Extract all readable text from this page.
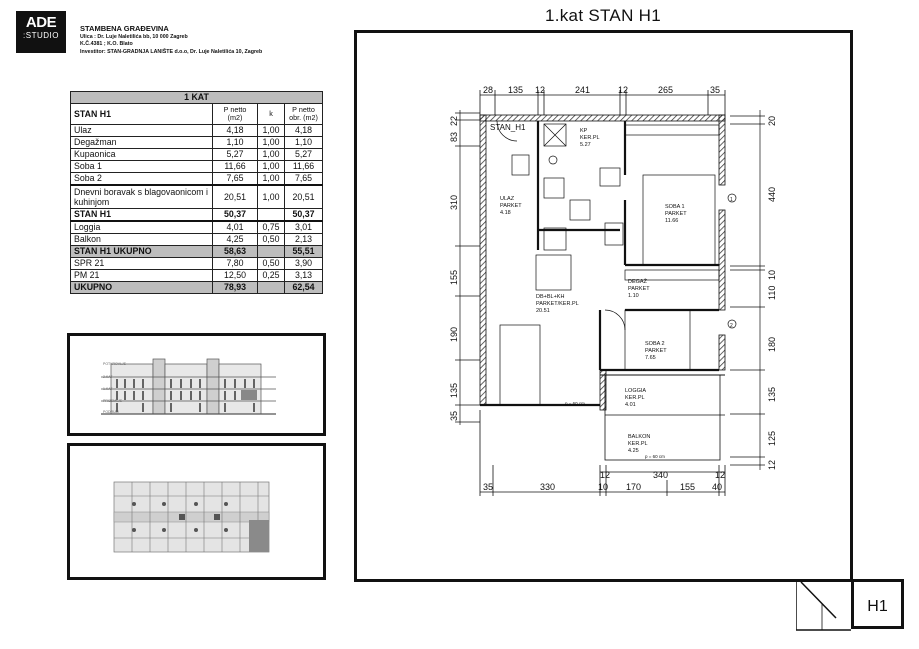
ADE
:STUDIO
STAMBENA GRAĐEVINA
Ulica : Dr. Luje Naletilića bb, 10 000 Zagreb
K.Č.4381 ; K.O. Blato
Investitor: STAN-GRADNJA LANIŠTE d.o.o, Dr. Luje Naletilića 10, Zagreb
1 KAT			
STAN H1	P netto (m2)	k	P netto obr. (m2)
Ulaz	4,18	1,00	4,18
Degažman	1,10	1,00	1,10
Kupaonica	5,27	1,00	5,27
Soba 1	11,66	1,00	11,66
Soba 2	7,65	1,00	7,65
Dnevni boravak s blagovaonicom i kuhinjom	20,51	1,00	20,51
STAN H1	50,37		50,37
Loggia	4,01	0,75	3,01
Balkon	4,25	0,50	2,13
STAN H1 UKUPNO	58,63		55,51
SPR 21	7,80	0,50	3,90
PM 21	12,50	0,25	3,13
UKUPNO	78,93		62,54
POTKROVLJE
2.KAT
1.KAT
PRIZEMLJE
PODRUM
1.kat STAN H1
28 135 12	241	12	265	35
22
83
310
155
190
135
35
20
440
10
110
180
135
125
12
STAN_H1	KP
KER.PL
5.27
ULAZ
PARKET
4.18
SOBA 1
PARKET
11.66
DEGAŽ
PARKET
1.10
DB+BL+KH
PARKET/KER.PL
20.51
SOBA 2
PARKET
7.65
LOGGIA
KER.PL
4.01
BALKON
KER.PL
4.25
p = 60 cm
p = 60 cm
1
2
12	340	12
35	330	10 170	155 40
H1
